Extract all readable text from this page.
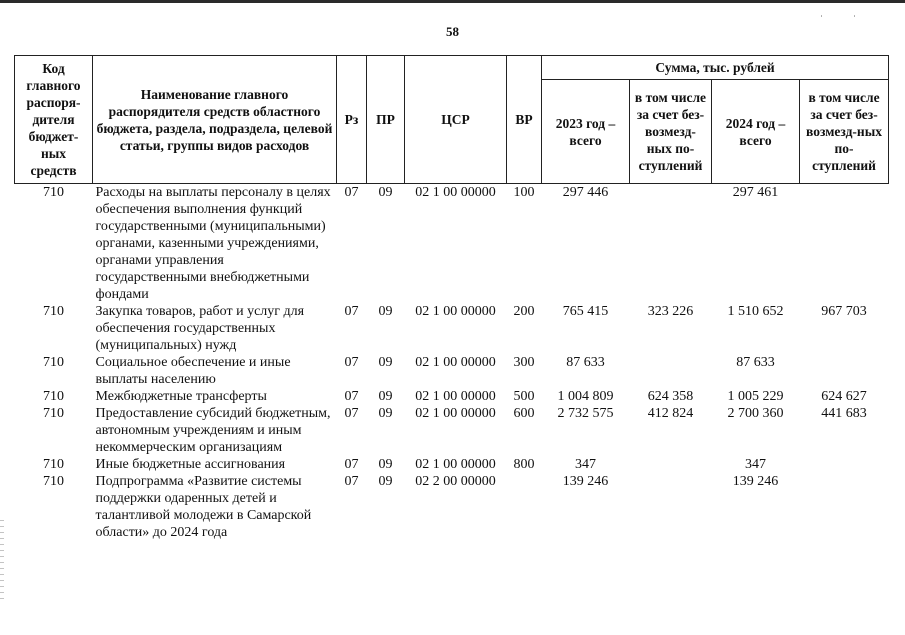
58
˙˙
Код главного распоря-дителя бюджет-ных средств	Наименование главного распорядителя средств областного бюджета, раздела, подраздела, целевой статьи, группы видов расходов	Рз	ПР	ЦСР	ВР	Сумма, тыс. рублей			
						2023 год – всего	в том числе за счет без-возмезд-ных по-ступлений	2024 год – всего	в том числе за счет без-возмезд-ных по-ступлений
710	Расходы на выплаты персоналу в целях обеспечения выполнения функций государственными (муниципальными) органами, казенными учреждениями, органами управления государственными внебюджетными фондами	07	09	02 1 00 00000	100	297 446		297 461	
710	Закупка товаров, работ и услуг для обеспечения государственных (муниципальных) нужд	07	09	02 1 00 00000	200	765 415	323 226	1 510 652	967 703
710	Социальное обеспечение и иные выплаты населению	07	09	02 1 00 00000	300	87 633		87 633	
710	Межбюджетные трансферты	07	09	02 1 00 00000	500	1 004 809	624 358	1 005 229	624 627
710	Предоставление субсидий бюджетным, автономным учреждениям и иным некоммерческим организациям	07	09	02 1 00 00000	600	2 732 575	412 824	2 700 360	441 683
710	Иные бюджетные ассигнования	07	09	02 1 00 00000	800	347		347	
710	Подпрограмма «Развитие системы поддержки одаренных детей и талантливой молодежи в Самарской области» до 2024 года	07	09	02 2 00 00000		139 246		139 246	
